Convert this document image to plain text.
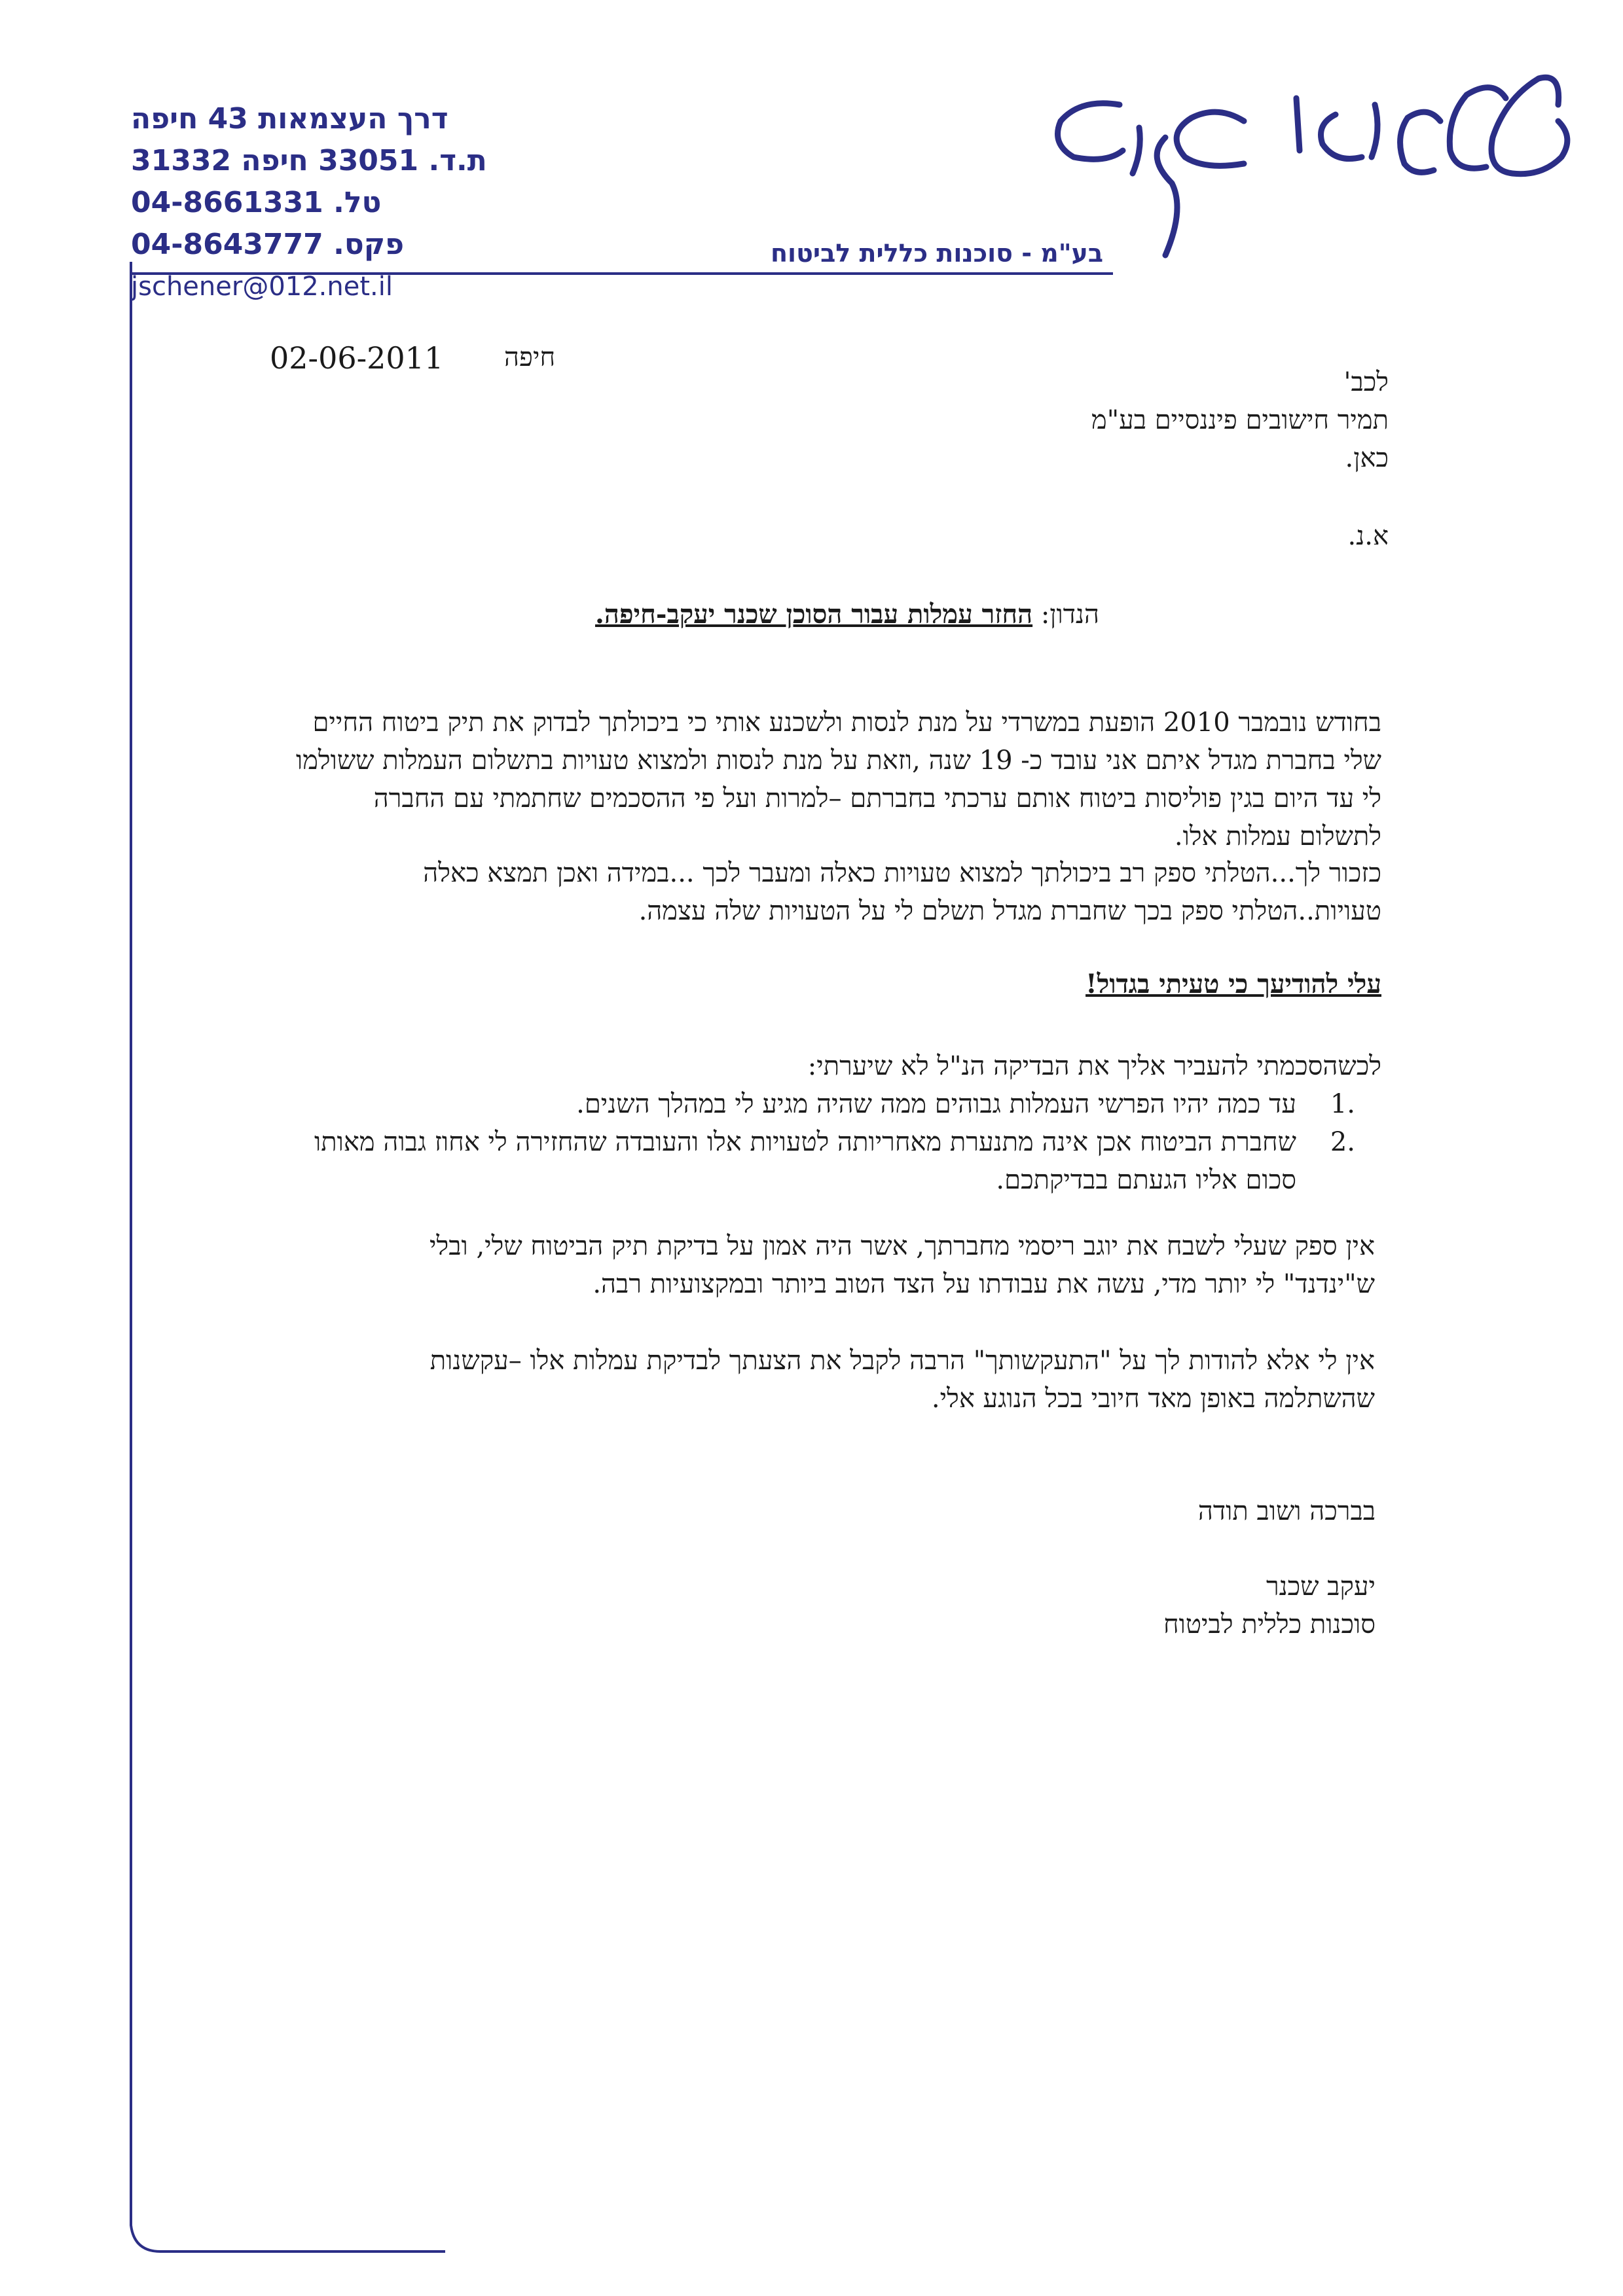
דרך העצמאות 43 חיפה
ת.ד. 33051 חיפה 31332
טל. 04-8661331
פקס. 04-8643777
jschener@012.net.il
בע"מ - סוכנות כללית לביטוח
02-06-2011 חיפה
לכב'
תמיר חישובים פיננסיים בע"מ
כאן.
א.נ.
הנדון: החזר עמלות עבור הסוכן שכנר יעקב-חיפה.
בחודש נובמבר 2010 הופעת במשרדי על מנת לנסות ולשכנע אותי כי ביכולתך לבדוק את תיק ביטוח החיים שלי בחברת מגדל איתם אני עובד כ- 19 שנה ,וזאת על מנת לנסות ולמצוא טעויות בתשלום העמלות ששולמו לי עד היום בגין פוליסות ביטוח אותם ערכתי בחברתם –למרות ועל פי ההסכמים שחתמתי עם החברה לתשלום עמלות אלו.
כזכור לך...הטלתי ספק רב ביכולתך למצוא טעויות כאלה ומעבר לכך ...במידה ואכן תמצא כאלה טעויות..הטלתי ספק בכך שחברת מגדל תשלם לי על הטעויות שלה עצמה.
עלי להודיעך כי טעיתי בגדול!
לכשהסכמתי להעביר אליך את הבדיקה הנ"ל לא שיערתי:
1.
עד כמה יהיו הפרשי העמלות גבוהים ממה שהיה מגיע לי במהלך השנים.
2.
שחברת הביטוח אכן אינה מתנערת מאחריותה לטעויות אלו והעובדה שהחזירה לי אחוז גבוה מאותו סכום אליו הגעתם בבדיקתכם.
אין ספק שעלי לשבח את יוגב ריסמי מחברתך, אשר היה אמון על בדיקת תיק הביטוח שלי, ובלי ש"ינדנד" לי יותר מדי, עשה את עבודתו על הצד הטוב ביותר ובמקצועיות רבה.
אין לי אלא להודות לך על "התעקשותך" הרבה לקבל את הצעתך לבדיקת עמלות אלו –עקשנות שהשתלמה באופן מאד חיובי בכל הנוגע אלי.
בברכה ושוב תודה
יעקב שכנר
סוכנות כללית לביטוח
